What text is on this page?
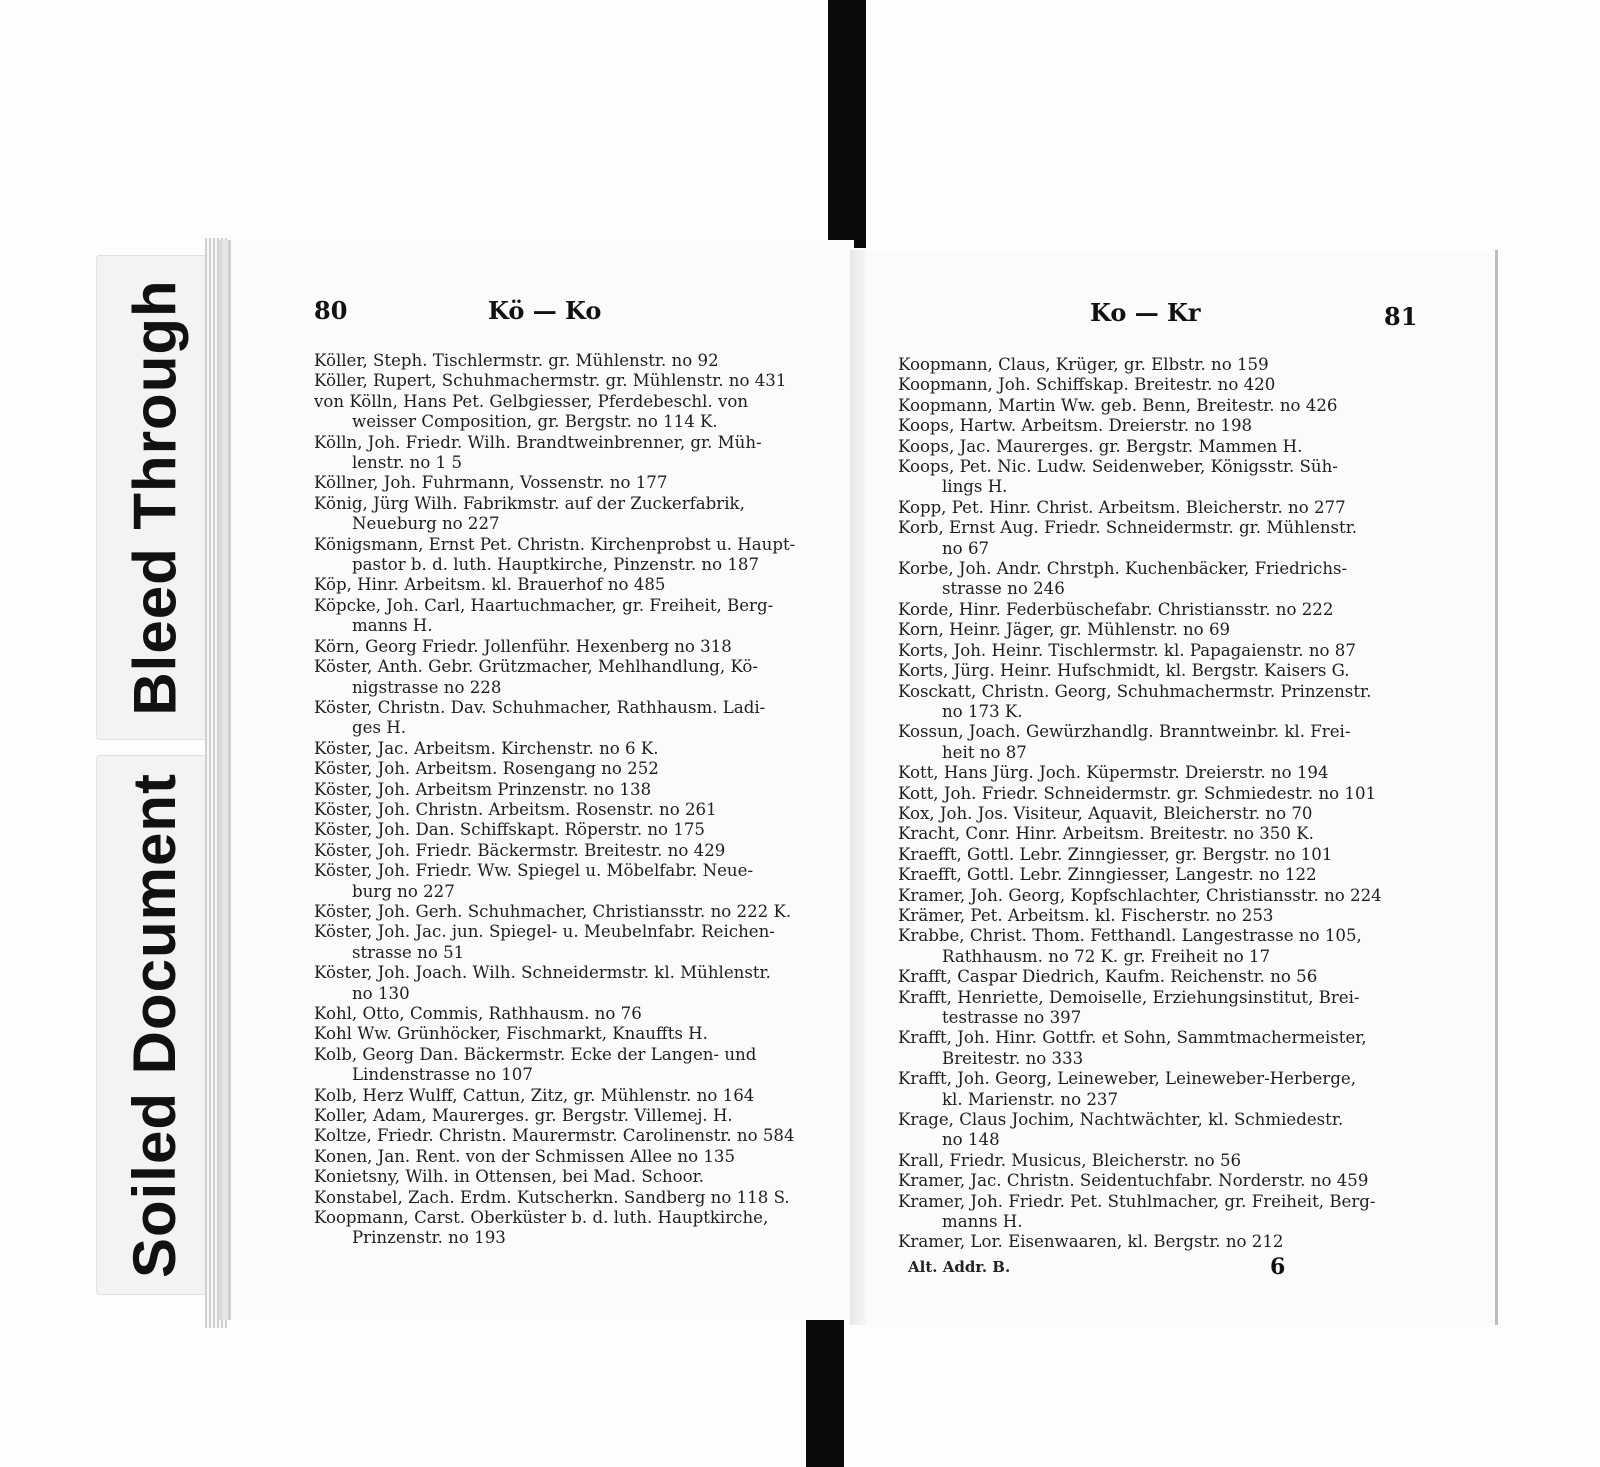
Bleed Through
Soiled Document
80	Kö — Ko	Ko — Kr	81
Köller, Steph. Tischlermstr. gr. Mühlenstr. no 92
Köller, Rupert, Schuhmachermstr. gr. Mühlenstr. no 431
von Kölln, Hans Pet. Gelbgiesser, Pferdebeschl. von
weisser Composition, gr. Bergstr. no 114 K.
Kölln, Joh. Friedr. Wilh. Brandtweinbrenner, gr. Müh-
lenstr. no 1 5
Köllner, Joh. Fuhrmann, Vossenstr. no 177
König, Jürg Wilh. Fabrikmstr. auf der Zuckerfabrik,
Neueburg no 227
Königsmann, Ernst Pet. Christn. Kirchenprobst u. Haupt-
pastor b. d. luth. Hauptkirche, Pinzenstr. no 187
Köp, Hinr. Arbeitsm. kl. Brauerhof no 485
Köpcke, Joh. Carl, Haartuchmacher, gr. Freiheit, Berg-
manns H.
Körn, Georg Friedr. Jollenführ. Hexenberg no 318
Köster, Anth. Gebr. Grützmacher, Mehlhandlung, Kö-
nigstrasse no 228
Köster, Christn. Dav. Schuhmacher, Rathhausm. Ladi-
ges H.
Köster, Jac. Arbeitsm. Kirchenstr. no 6 K.
Köster, Joh. Arbeitsm. Rosengang no 252
Köster, Joh. Arbeitsm Prinzenstr. no 138
Köster, Joh. Christn. Arbeitsm. Rosenstr. no 261
Köster, Joh. Dan. Schiffskapt. Röperstr. no 175
Köster, Joh. Friedr. Bäckermstr. Breitestr. no 429
Köster, Joh. Friedr. Ww. Spiegel u. Möbelfabr. Neue-
burg no 227
Köster, Joh. Gerh. Schuhmacher, Christiansstr. no 222 K.
Köster, Joh. Jac. jun. Spiegel- u. Meubelnfabr. Reichen-
strasse no 51
Köster, Joh. Joach. Wilh. Schneidermstr. kl. Mühlenstr.
no 130
Kohl, Otto, Commis, Rathhausm. no 76
Kohl Ww. Grünhöcker, Fischmarkt, Knauffts H.
Kolb, Georg Dan. Bäckermstr. Ecke der Langen- und
Lindenstrasse no 107
Kolb, Herz Wulff, Cattun, Zitz, gr. Mühlenstr. no 164
Koller, Adam, Maurerges. gr. Bergstr. Villemej. H.
Koltze, Friedr. Christn. Maurermstr. Carolinenstr. no 584
Konen, Jan. Rent. von der Schmissen Allee no 135
Konietsny, Wilh. in Ottensen, bei Mad. Schoor.
Konstabel, Zach. Erdm. Kutscherkn. Sandberg no 118 S.
Koopmann, Carst. Oberküster b. d. luth. Hauptkirche,
Prinzenstr. no 193
Koopmann, Claus, Krüger, gr. Elbstr. no 159
Koopmann, Joh. Schiffskap. Breitestr. no 420
Koopmann, Martin Ww. geb. Benn, Breitestr. no 426
Koops, Hartw. Arbeitsm. Dreierstr. no 198
Koops, Jac. Maurerges. gr. Bergstr. Mammen H.
Koops, Pet. Nic. Ludw. Seidenweber, Königsstr. Süh-
lings H.
Kopp, Pet. Hinr. Christ. Arbeitsm. Bleicherstr. no 277
Korb, Ernst Aug. Friedr. Schneidermstr. gr. Mühlenstr.
no 67
Korbe, Joh. Andr. Chrstph. Kuchenbäcker, Friedrichs-
strasse no 246
Korde, Hinr. Federbüschefabr. Christiansstr. no 222
Korn, Heinr. Jäger, gr. Mühlenstr. no 69
Korts, Joh. Heinr. Tischlermstr. kl. Papagaienstr. no 87
Korts, Jürg. Heinr. Hufschmidt, kl. Bergstr. Kaisers G.
Kosckatt, Christn. Georg, Schuhmachermstr. Prinzenstr.
no 173 K.
Kossun, Joach. Gewürzhandlg. Branntweinbr. kl. Frei-
heit no 87
Kott, Hans Jürg. Joch. Küpermstr. Dreierstr. no 194
Kott, Joh. Friedr. Schneidermstr. gr. Schmiedestr. no 101
Kox, Joh. Jos. Visiteur, Aquavit, Bleicherstr. no 70
Kracht, Conr. Hinr. Arbeitsm. Breitestr. no 350 K.
Kraefft, Gottl. Lebr. Zinngiesser, gr. Bergstr. no 101
Kraefft, Gottl. Lebr. Zinngiesser, Langestr. no 122
Kramer, Joh. Georg, Kopfschlachter, Christiansstr. no 224
Krämer, Pet. Arbeitsm. kl. Fischerstr. no 253
Krabbe, Christ. Thom. Fetthandl. Langestrasse no 105,
Rathhausm. no 72 K. gr. Freiheit no 17
Krafft, Caspar Diedrich, Kaufm. Reichenstr. no 56
Krafft, Henriette, Demoiselle, Erziehungsinstitut, Brei-
testrasse no 397
Krafft, Joh. Hinr. Gottfr. et Sohn, Sammtmachermeister,
Breitestr. no 333
Krafft, Joh. Georg, Leineweber, Leineweber-Herberge,
kl. Marienstr. no 237
Krage, Claus Jochim, Nachtwächter, kl. Schmiedestr.
no 148
Krall, Friedr. Musicus, Bleicherstr. no 56
Kramer, Jac. Christn. Seidentuchfabr. Norderstr. no 459
Kramer, Joh. Friedr. Pet. Stuhlmacher, gr. Freiheit, Berg-
manns H.
Kramer, Lor. Eisenwaaren, kl. Bergstr. no 212
Alt. Addr. B.	6
